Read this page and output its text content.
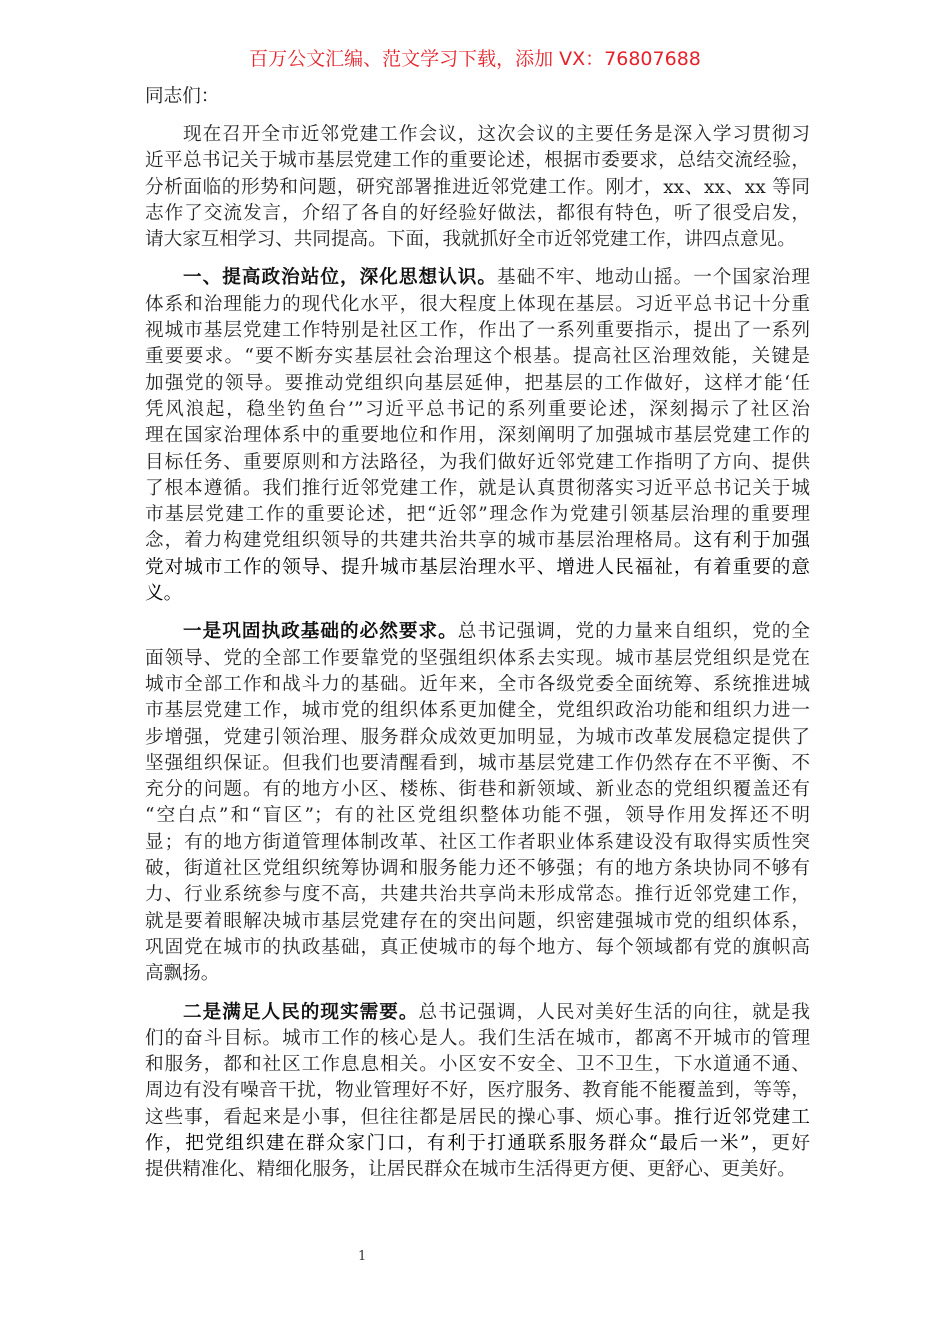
百万公文汇编、范文学习下载，添加 VX：76807688
同志们：
现在召开全市近邻党建工作会议，这次会议的主要任务是深入学习贯彻习
近平总书记关于城市基层党建工作的重要论述，根据市委要求，总结交流经验，
分析面临的形势和问题，研究部署推进近邻党建工作。刚才，xx、xx、xx 等同
志作了交流发言，介绍了各自的好经验好做法，都很有特色，听了很受启发，
请大家互相学习、共同提高。下面，我就抓好全市近邻党建工作，讲四点意见。
一、提高政治站位，深化思想认识。基础不牢、地动山摇。一个国家治理
体系和治理能力的现代化水平，很大程度上体现在基层。习近平总书记十分重
视城市基层党建工作特别是社区工作，作出了一系列重要指示，提出了一系列
重要要求。“要不断夯实基层社会治理这个根基。提高社区治理效能，关键是
加强党的领导。要推动党组织向基层延伸，把基层的工作做好，这样才能‘任
凭风浪起，稳坐钓鱼台’”习近平总书记的系列重要论述，深刻揭示了社区治
理在国家治理体系中的重要地位和作用，深刻阐明了加强城市基层党建工作的
目标任务、重要原则和方法路径，为我们做好近邻党建工作指明了方向、提供
了根本遵循。我们推行近邻党建工作，就是认真贯彻落实习近平总书记关于城
市基层党建工作的重要论述，把“近邻”理念作为党建引领基层治理的重要理
念，着力构建党组织领导的共建共治共享的城市基层治理格局。这有利于加强
党对城市工作的领导、提升城市基层治理水平、增进人民福祉，有着重要的意
义。
一是巩固执政基础的必然要求。总书记强调，党的力量来自组织，党的全
面领导、党的全部工作要靠党的坚强组织体系去实现。城市基层党组织是党在
城市全部工作和战斗力的基础。近年来，全市各级党委全面统筹、系统推进城
市基层党建工作，城市党的组织体系更加健全，党组织政治功能和组织力进一
步增强，党建引领治理、服务群众成效更加明显，为城市改革发展稳定提供了
坚强组织保证。但我们也要清醒看到，城市基层党建工作仍然存在不平衡、不
充分的问题。有的地方小区、楼栋、街巷和新领域、新业态的党组织覆盖还有
“空白点”和“盲区”；有的社区党组织整体功能不强，领导作用发挥还不明
显；有的地方街道管理体制改革、社区工作者职业体系建设没有取得实质性突
破，街道社区党组织统筹协调和服务能力还不够强；有的地方条块协同不够有
力、行业系统参与度不高，共建共治共享尚未形成常态。推行近邻党建工作，
就是要着眼解决城市基层党建存在的突出问题，织密建强城市党的组织体系，
巩固党在城市的执政基础，真正使城市的每个地方、每个领域都有党的旗帜高
高飘扬。
二是满足人民的现实需要。总书记强调，人民对美好生活的向往，就是我
们的奋斗目标。城市工作的核心是人。我们生活在城市，都离不开城市的管理
和服务，都和社区工作息息相关。小区安不安全、卫不卫生，下水道通不通、
周边有没有噪音干扰，物业管理好不好，医疗服务、教育能不能覆盖到，等等，
这些事，看起来是小事，但往往都是居民的操心事、烦心事。推行近邻党建工
作，把党组织建在群众家门口，有利于打通联系服务群众“最后一米”，更好
提供精准化、精细化服务，让居民群众在城市生活得更方便、更舒心、更美好。
1
